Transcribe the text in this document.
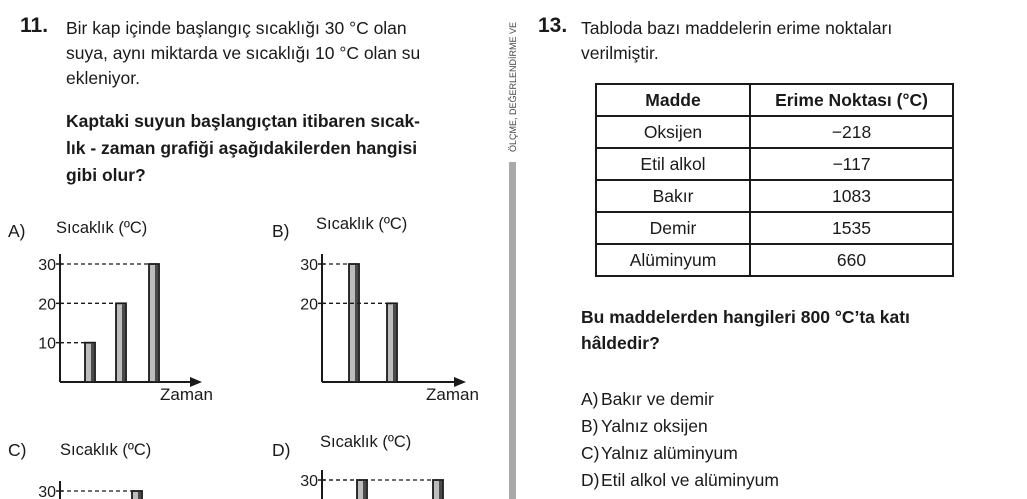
11. Bir kap içinde başlangıç sıcaklığı 30 °C olan
suya, aynı miktarda ve sıcaklığı 10 °C olan su
ekleniyor.
Kaptaki suyun başlangıçtan itibaren sıcak-
lık - zaman grafiği aşağıdakilerden hangisi
gibi olur?
A)	B)
C)	D)
Sıcaklık (ºC)
Zaman
10
20
30
Sıcaklık (ºC)
Zaman
20
30
Sıcaklık (ºC)
30
Sıcaklık (ºC)
30
ÖLÇME, DEĞERLENDİRME VE 13. Tabloda bazı maddelerin erime noktaları
verilmiştir.
Madde	Erime Noktası (°C)
Oksijen	−218
Etil alkol	−117
Bakır	1083
Demir	1535
Alüminyum	660
Bu maddelerden hangileri 800 °C’ta katı
hâldedir?
A) Bakır ve demir
B) Yalnız oksijen
C) Yalnız alüminyum
D) Etil alkol ve alüminyum
